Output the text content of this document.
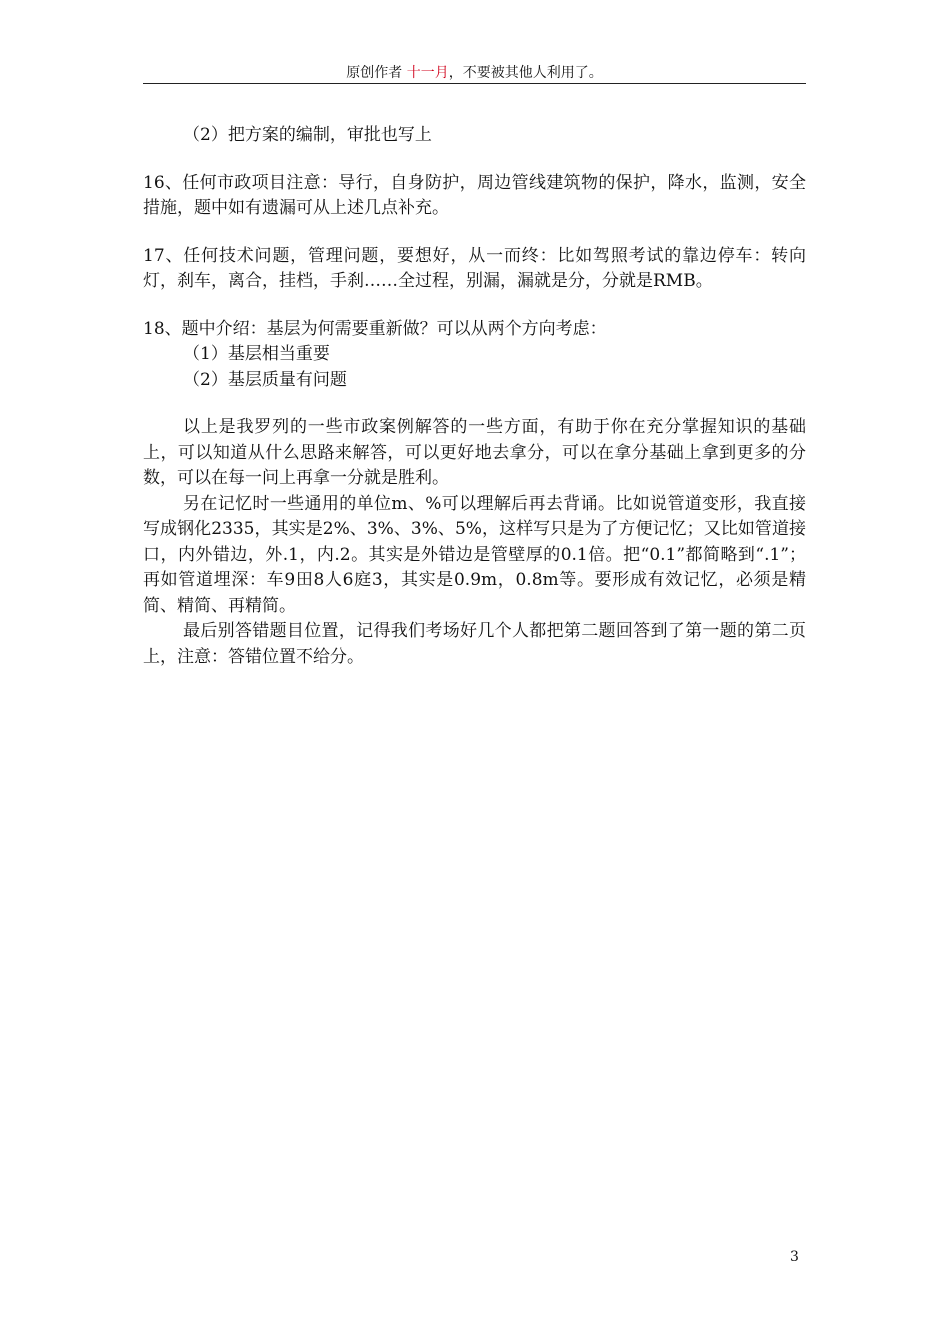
原创作者 十一月，不要被其他人利用了。

（2）把方案的编制，审批也写上

16、任何市政项目注意：导行，自身防护，周边管线建筑物的保护，降水，监测，安全措施，题中如有遗漏可从上述几点补充。

17、任何技术问题，管理问题，要想好，从一而终：比如驾照考试的靠边停车：转向灯，刹车，离合，挂档，手刹……全过程，别漏，漏就是分，分就是RMB。

18、题中介绍：基层为何需要重新做？可以从两个方向考虑：

（1）基层相当重要

（2）基层质量有问题

以上是我罗列的一些市政案例解答的一些方面，有助于你在充分掌握知识的基础上，可以知道从什么思路来解答，可以更好地去拿分，可以在拿分基础上拿到更多的分数，可以在每一问上再拿一分就是胜利。

另在记忆时一些通用的单位m、%可以理解后再去背诵。比如说管道变形，我直接写成钢化2335，其实是2%、3%、3%、5%，这样写只是为了方便记忆；又比如管道接口，内外错边，外.1，内.2。其实是外错边是管壁厚的0.1倍。把“0.1”都简略到“.1”；再如管道埋深：车9田8人6庭3，其实是0.9m，0.8m等。要形成有效记忆，必须是精简、精简、再精简。

最后别答错题目位置，记得我们考场好几个人都把第二题回答到了第一题的第二页上，注意：答错位置不给分。

3
